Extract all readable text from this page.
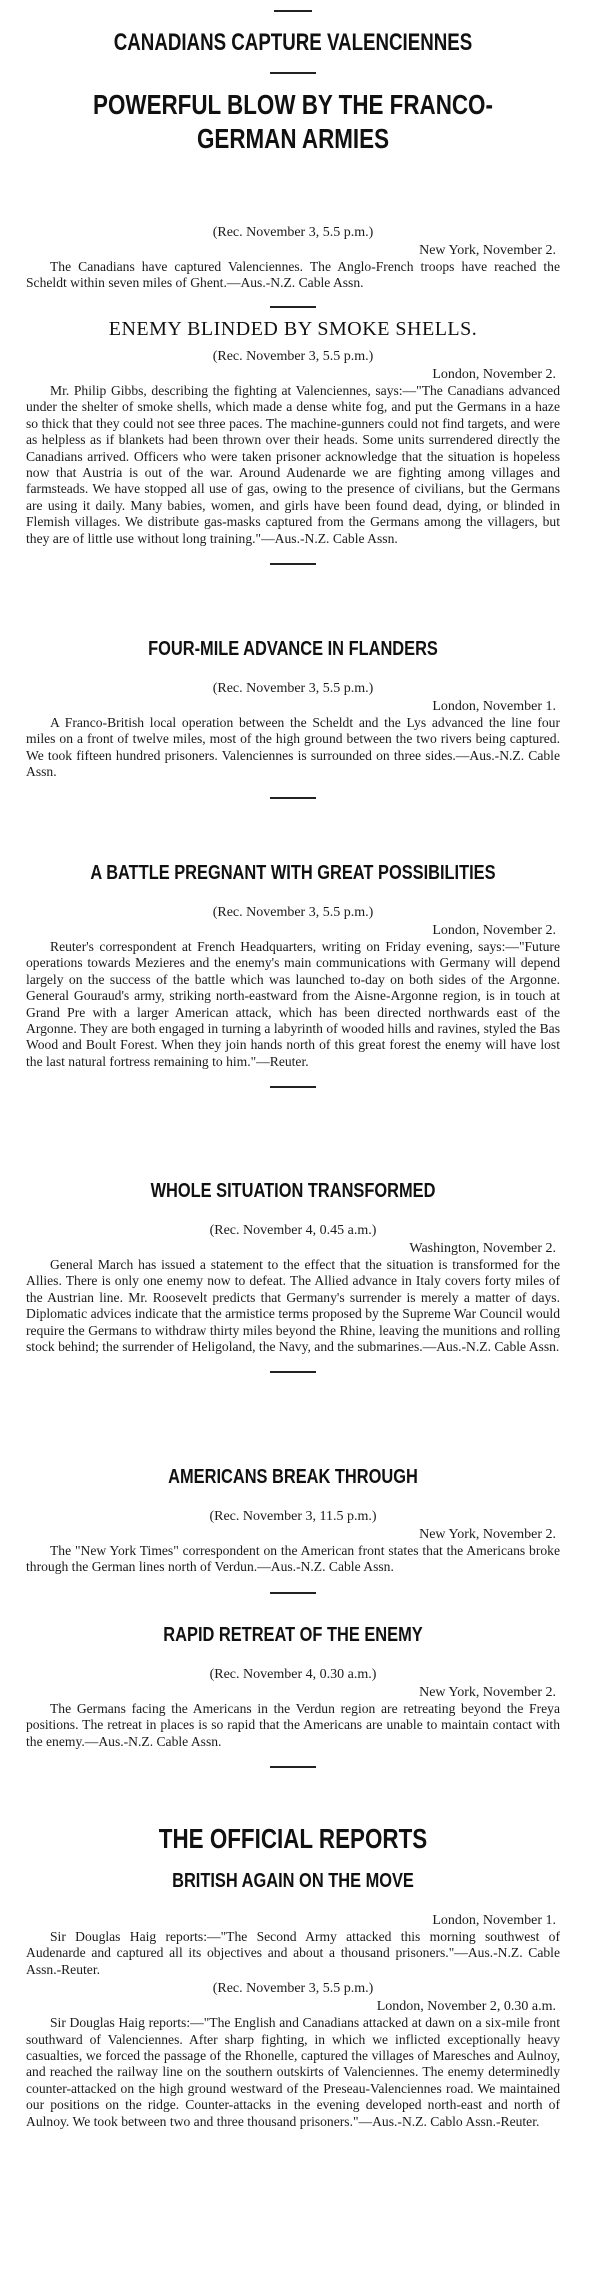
CANADIANS CAPTURE VALENCIENNES
POWERFUL BLOW BY THE FRANCO-GERMAN ARMIES

(Rec. November 3, 5.5 p.m.)

New York, November 2.

The Canadians have captured Valenciennes. The Anglo-French troops have reached the Scheldt within seven miles of Ghent.—Aus.-N.Z. Cable Assn.

ENEMY BLINDED BY SMOKE SHELLS.

(Rec. November 3, 5.5 p.m.)

London, November 2.

Mr. Philip Gibbs, describing the fighting at Valenciennes, says:—"The Canadians advanced under the shelter of smoke shells, which made a dense white fog, and put the Germans in a haze so thick that they could not see three paces. The machine-gunners could not find targets, and were as helpless as if blankets had been thrown over their heads. Some units surrendered directly the Canadians arrived. Officers who were taken prisoner acknowledge that the situation is hopeless now that Austria is out of the war. Around Audenarde we are fighting among villages and farmsteads. We have stopped all use of gas, owing to the presence of civilians, but the Germans are using it daily. Many babies, women, and girls have been found dead, dying, or blinded in Flemish villages. We distribute gas-masks captured from the Germans among the villagers, but they are of little use without long training."—Aus.-N.Z. Cable Assn.

FOUR-MILE ADVANCE IN FLANDERS

(Rec. November 3, 5.5 p.m.)

London, November 1.

A Franco-British local operation between the Scheldt and the Lys advanced the line four miles on a front of twelve miles, most of the high ground between the two rivers being captured. We took fifteen hundred prisoners. Valenciennes is surrounded on three sides.—Aus.-N.Z. Cable Assn.

A BATTLE PREGNANT WITH GREAT POSSIBILITIES

(Rec. November 3, 5.5 p.m.)

London, November 2.

Reuter's correspondent at French Headquarters, writing on Friday evening, says:—"Future operations towards Mezieres and the enemy's main communications with Germany will depend largely on the success of the battle which was launched to-day on both sides of the Argonne. General Gouraud's army, striking north-eastward from the Aisne-Argonne region, is in touch at Grand Pre with a larger American attack, which has been directed northwards east of the Argonne. They are both engaged in turning a labyrinth of wooded hills and ravines, styled the Bas Wood and Boult Forest. When they join hands north of this great forest the enemy will have lost the last natural fortress remaining to him."—Reuter.

WHOLE SITUATION TRANSFORMED

(Rec. November 4, 0.45 a.m.)

Washington, November 2.

General March has issued a statement to the effect that the situation is transformed for the Allies. There is only one enemy now to defeat. The Allied advance in Italy covers forty miles of the Austrian line. Mr. Roosevelt predicts that Germany's surrender is merely a matter of days. Diplomatic advices indicate that the armistice terms proposed by the Supreme War Council would require the Germans to withdraw thirty miles beyond the Rhine, leaving the munitions and rolling stock behind; the surrender of Heligoland, the Navy, and the submarines.—Aus.-N.Z. Cable Assn.

AMERICANS BREAK THROUGH

(Rec. November 3, 11.5 p.m.)

New York, November 2.

The "New York Times" correspondent on the American front states that the Americans broke through the German lines north of Verdun.—Aus.-N.Z. Cable Assn.

RAPID RETREAT OF THE ENEMY

(Rec. November 4, 0.30 a.m.)

New York, November 2.

The Germans facing the Americans in the Verdun region are retreating beyond the Freya positions. The retreat in places is so rapid that the Americans are unable to maintain contact with the enemy.—Aus.-N.Z. Cable Assn.

THE OFFICIAL REPORTS
BRITISH AGAIN ON THE MOVE

London, November 1.

Sir Douglas Haig reports:—"The Second Army attacked this morning southwest of Audenarde and captured all its objectives and about a thousand prisoners."—Aus.-N.Z. Cable Assn.-Reuter.

(Rec. November 3, 5.5 p.m.)

London, November 2, 0.30 a.m.

Sir Douglas Haig reports:—"The English and Canadians attacked at dawn on a six-mile front southward of Valenciennes. After sharp fighting, in which we inflicted exceptionally heavy casualties, we forced the passage of the Rhonelle, captured the villages of Maresches and Aulnoy, and reached the railway line on the southern outskirts of Valenciennes. The enemy determinedly counter-attacked on the high ground westward of the Preseau-Valenciennes road. We maintained our positions on the ridge. Counter-attacks in the evening developed north-east and north of Aulnoy. We took between two and three thousand prisoners."—Aus.-N.Z. Cablo Assn.-Reuter.
